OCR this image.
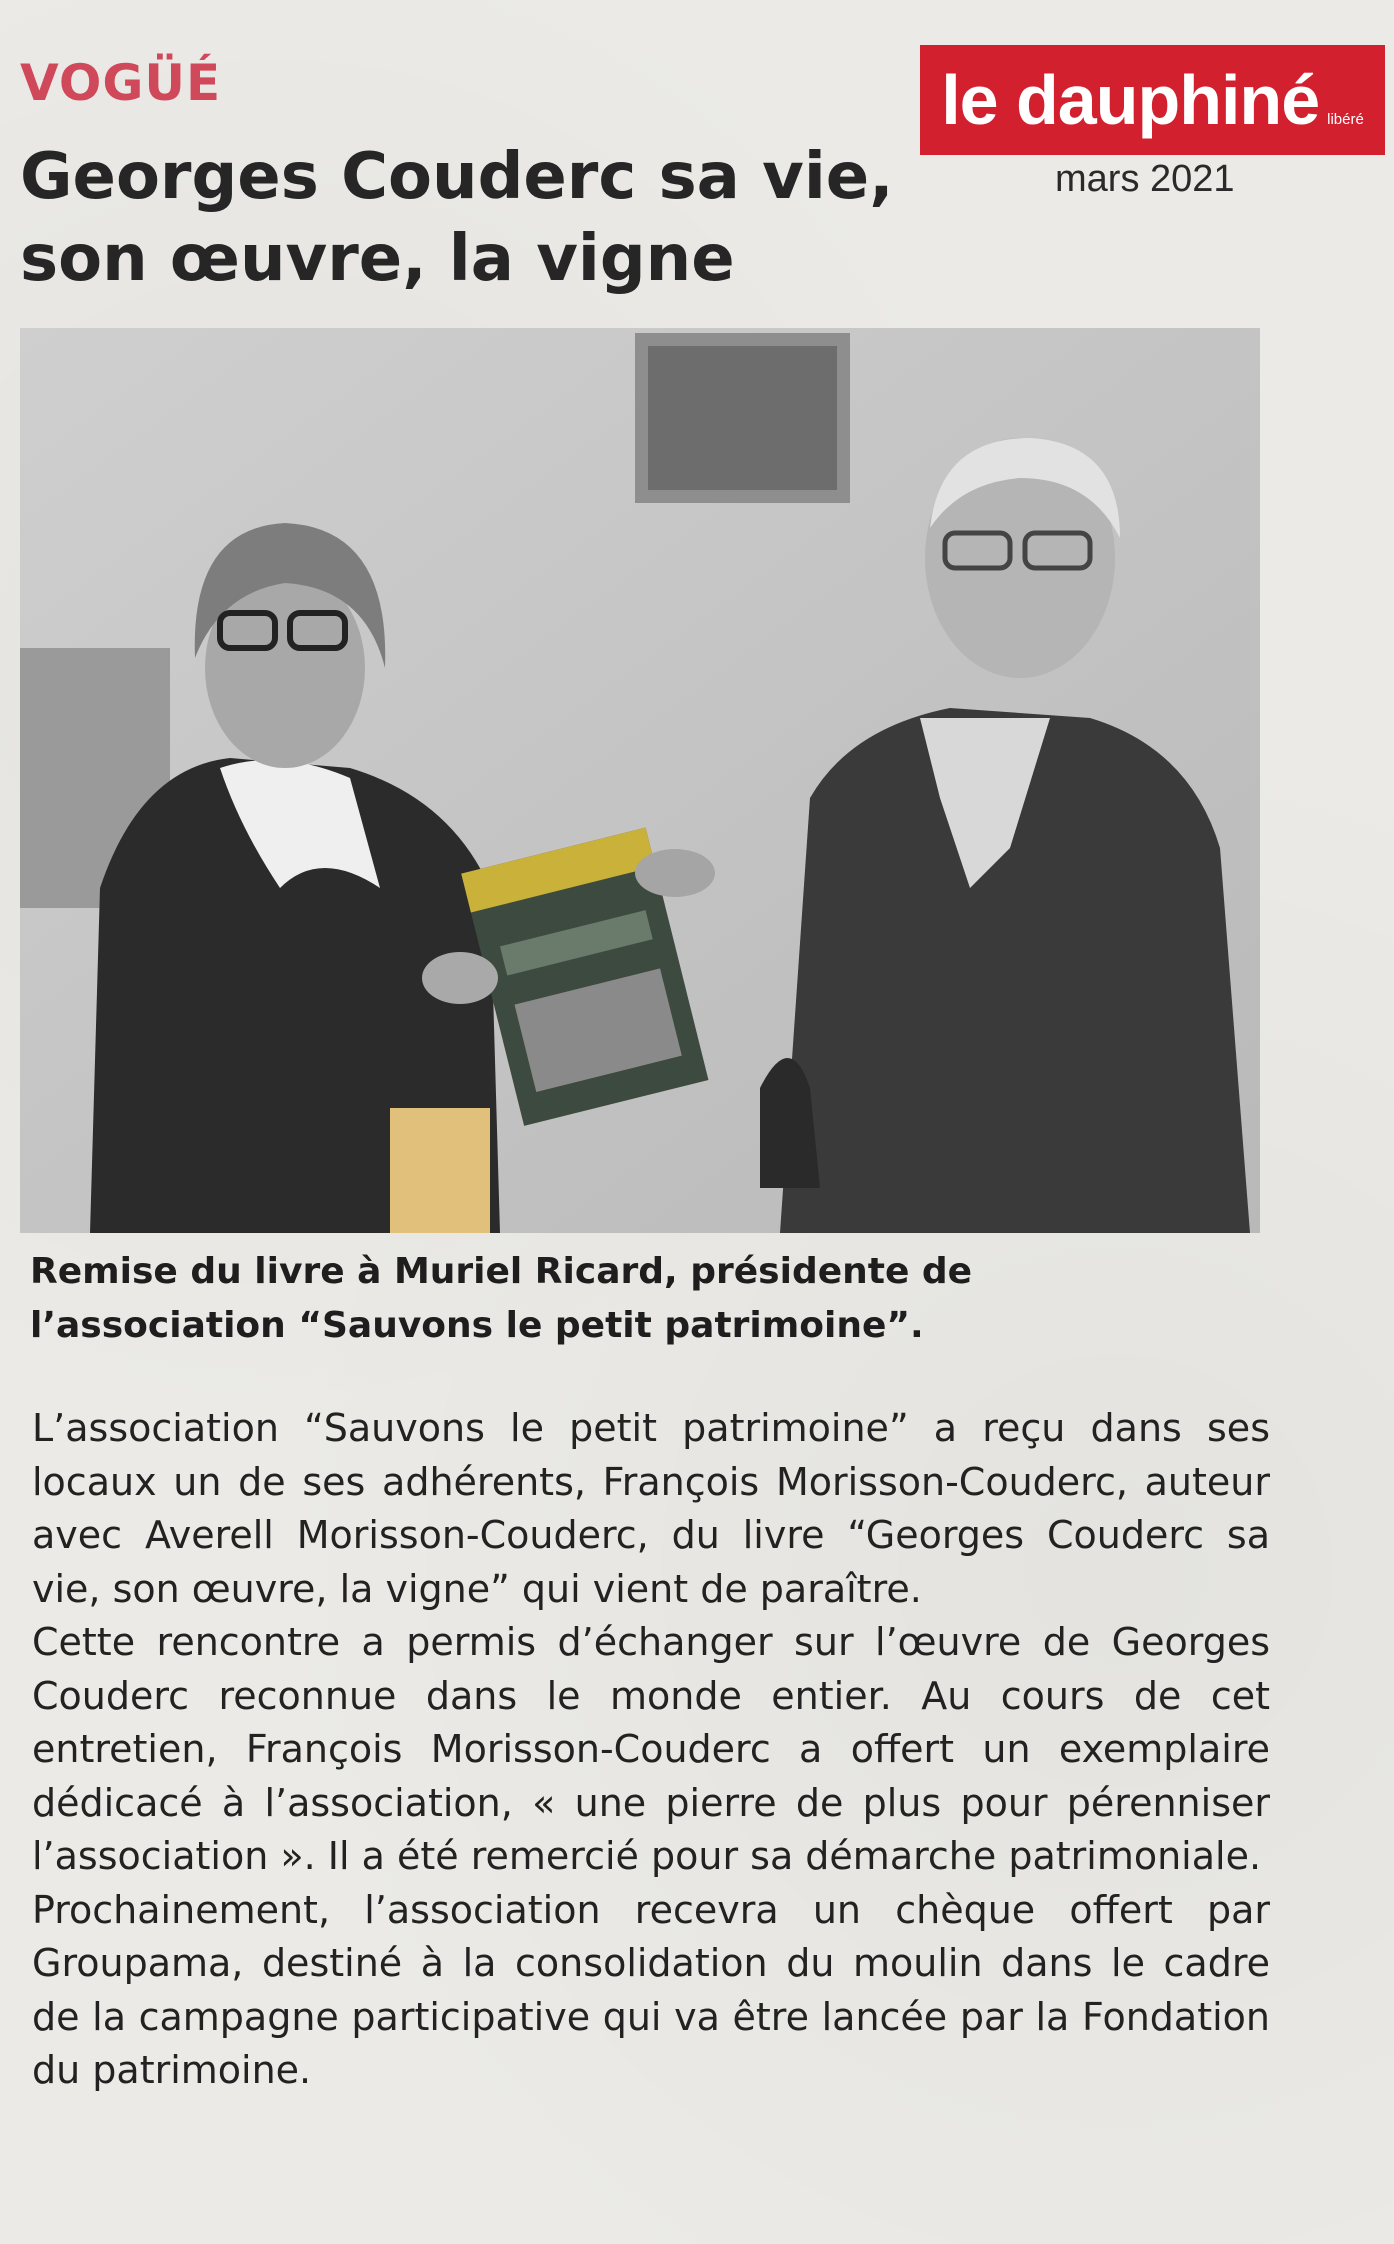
VOGÜÉ
Georges Couderc sa vie, son œuvre, la vigne
le dauphiné libéré
mars 2021
Remise du livre à Muriel Ricard, présidente de l’association “Sauvons le petit patrimoine”.

L’association “Sauvons le petit patrimoine” a reçu dans ses locaux un de ses adhérents, François Morisson-Couderc, auteur avec Averell Morisson-Couderc, du livre “Georges Couderc sa vie, son œuvre, la vigne” qui vient de paraître.

Cette rencontre a permis d’échanger sur l’œuvre de Georges Couderc reconnue dans le monde entier. Au cours de cet entretien, François Morisson-Couderc a offert un exemplaire dédicacé à l’association, « une pierre de plus pour pérenniser l’association ». Il a été remercié pour sa démarche patrimoniale.

Prochainement, l’association recevra un chèque offert par Groupama, destiné à la consolidation du moulin dans le cadre de la campagne participative qui va être lancée par la Fondation du patrimoine.
